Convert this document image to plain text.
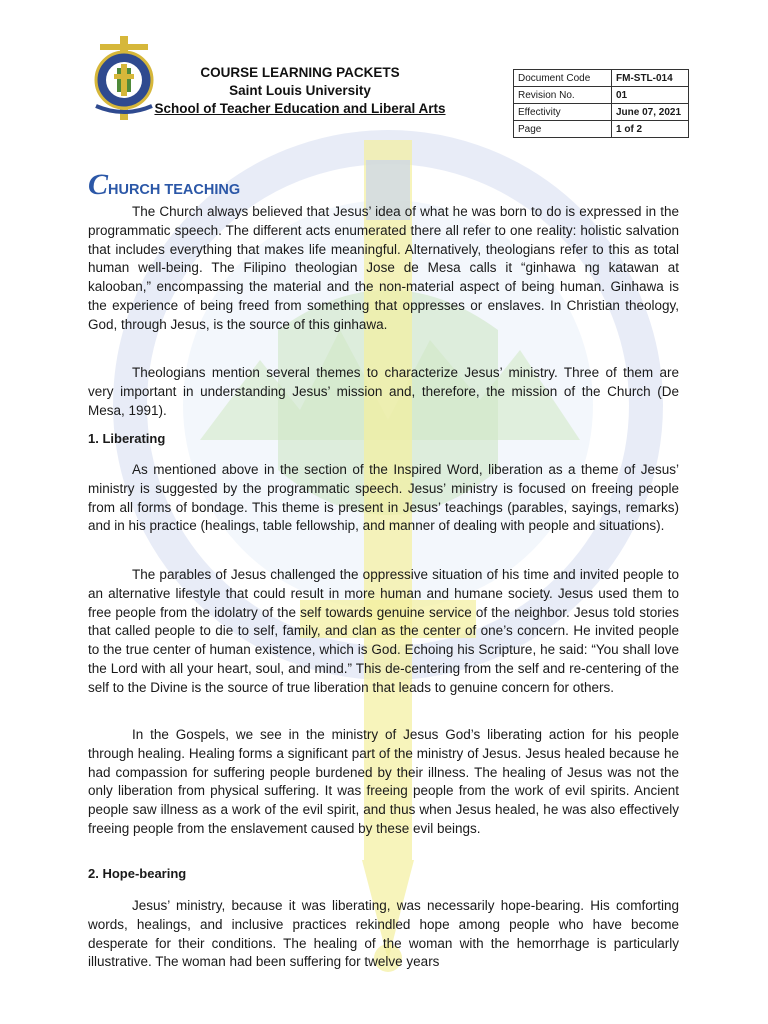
COURSE LEARNING PACKETS
Saint Louis University
School of Teacher Education and Liberal Arts
Document Code	FM-STL-014
Revision No.	01
Effectivity	June 07, 2021
Page	1 of 2
CHURCH TEACHING

The Church always believed that Jesus’ idea of what he was born to do is expressed in the programmatic speech. The different acts enumerated there all refer to one reality: holistic salvation that includes everything that makes life meaningful. Alternatively, theologians refer to this as total human well-being. The Filipino theologian Jose de Mesa calls it “ginhawa ng katawan at kalooban,” encompassing the material and the non-material aspect of being human. Ginhawa is the experience of being freed from something that oppresses or enslaves. In Christian theology, God, through Jesus, is the source of this ginhawa.

Theologians mention several themes to characterize Jesus’ ministry. Three of them are very important in understanding Jesus’ mission and, therefore, the mission of the Church (De Mesa, 1991).

1. Liberating

As mentioned above in the section of the Inspired Word, liberation as a theme of Jesus’ ministry is suggested by the programmatic speech. Jesus’ ministry is focused on freeing people from all forms of bondage. This theme is present in Jesus’ teachings (parables, sayings, remarks) and in his practice (healings, table fellowship, and manner of dealing with people and situations).

The parables of Jesus challenged the oppressive situation of his time and invited people to an alternative lifestyle that could result in more human and humane society. Jesus used them to free people from the idolatry of the self towards genuine service of the neighbor. Jesus told stories that called people to die to self, family, and clan as the center of one’s concern. He invited people to the true center of human existence, which is God. Echoing his Scripture, he said: “You shall love the Lord with all your heart, soul, and mind.” This de-centering from the self and re-centering of the self to the Divine is the source of true liberation that leads to genuine concern for others.

In the Gospels, we see in the ministry of Jesus God’s liberating action for his people through healing. Healing forms a significant part of the ministry of Jesus. Jesus healed because he had compassion for suffering people burdened by their illness. The healing of Jesus was not the only liberation from physical suffering. It was freeing people from the work of evil spirits. Ancient people saw illness as a work of the evil spirit, and thus when Jesus healed, he was also effectively freeing people from the enslavement caused by these evil beings.

2. Hope-bearing

Jesus’ ministry, because it was liberating, was necessarily hope-bearing. His comforting words, healings, and inclusive practices rekindled hope among people who have become desperate for their conditions. The healing of the woman with the hemorrhage is particularly illustrative. The woman had been suffering for twelve years
